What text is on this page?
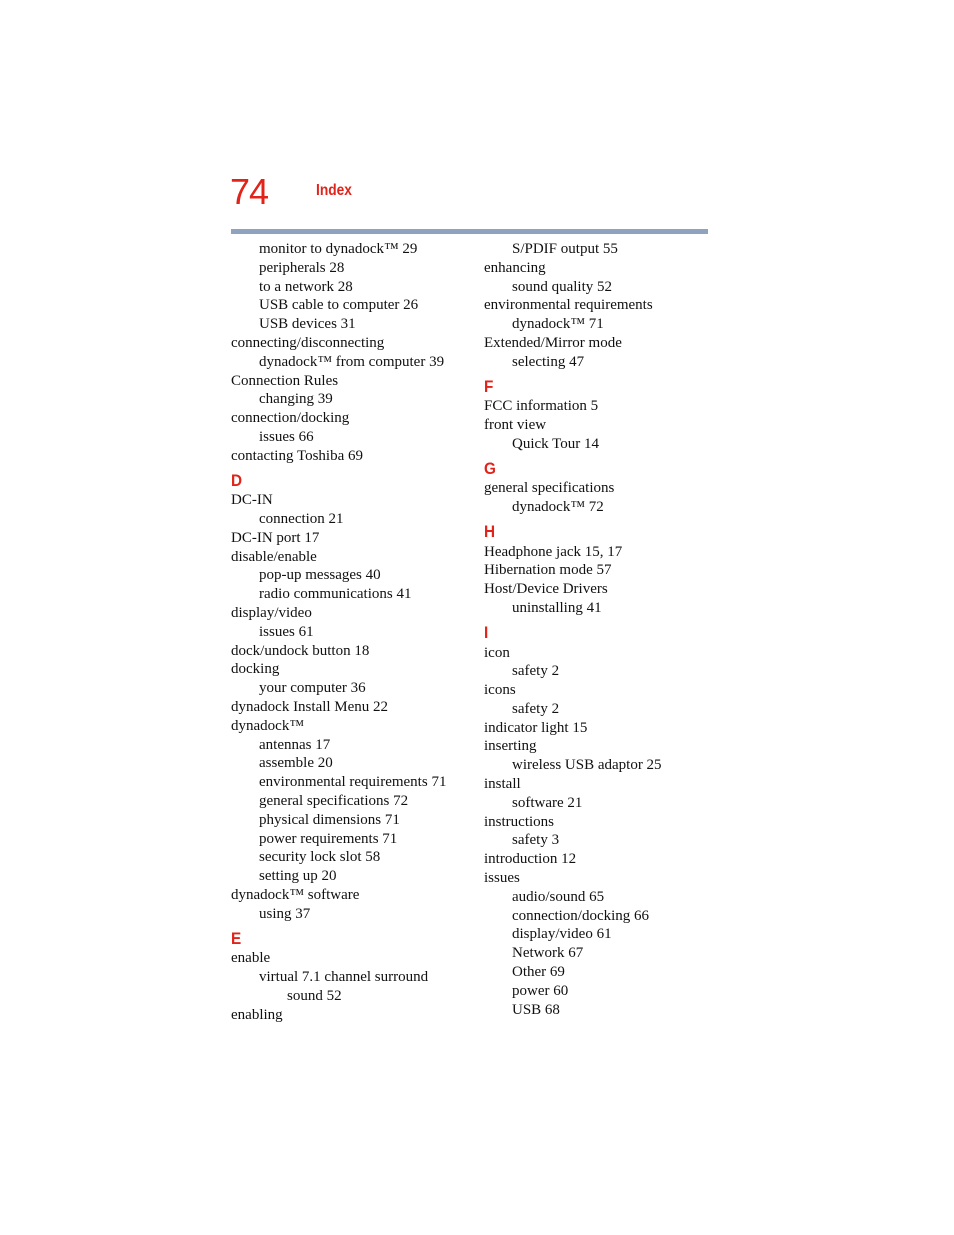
74	Index
monitor to dynadock™ 29
peripherals 28
to a network 28
USB cable to computer 26
USB devices 31
connecting/disconnecting
dynadock™ from computer 39
Connection Rules
changing 39
connection/docking
issues 66
contacting Toshiba 69
D
DC-IN
connection 21
DC-IN port 17
disable/enable
pop-up messages 40
radio communications 41
display/video
issues 61
dock/undock button 18
docking
your computer 36
dynadock Install Menu 22
dynadock™
antennas 17
assemble 20
environmental requirements 71
general specifications 72
physical dimensions 71
power requirements 71
security lock slot 58
setting up 20
dynadock™ software
using 37
E
enable
virtual 7.1 channel surround
sound 52
enabling
S/PDIF output 55
enhancing
sound quality 52
environmental requirements
dynadock™ 71
Extended/Mirror mode
selecting 47
F
FCC information 5
front view
Quick Tour 14
G
general specifications
dynadock™ 72
H
Headphone jack 15, 17
Hibernation mode 57
Host/Device Drivers
uninstalling 41
I
icon
safety 2
icons
safety 2
indicator light 15
inserting
wireless USB adaptor 25
install
software 21
instructions
safety 3
introduction 12
issues
audio/sound 65
connection/docking 66
display/video 61
Network 67
Other 69
power 60
USB 68
